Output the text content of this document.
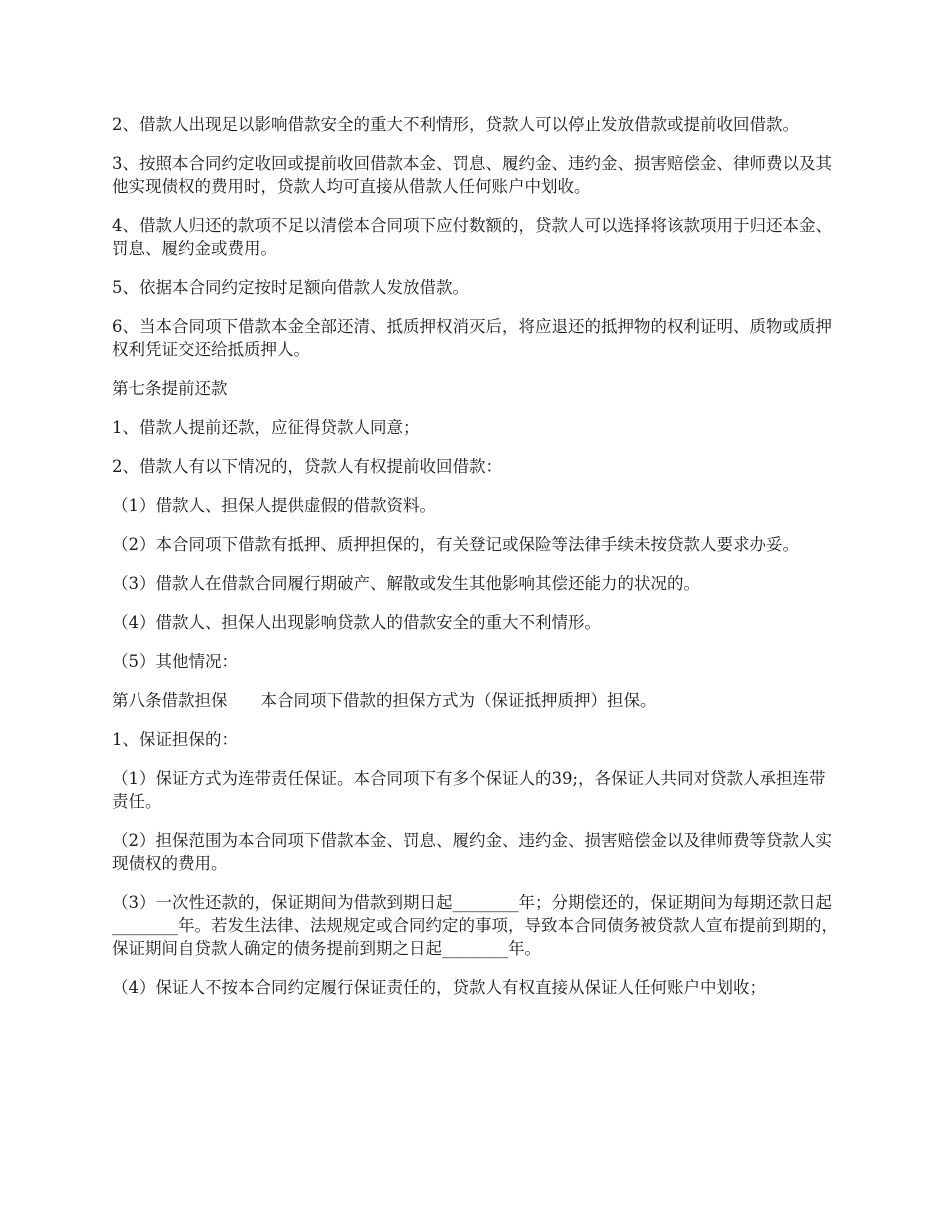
2、借款人出现足以影响借款安全的重大不利情形，贷款人可以停止发放借款或提前收回借款。

3、按照本合同约定收回或提前收回借款本金、罚息、履约金、违约金、损害赔偿金、律师费以及其他实现债权的费用时，贷款人均可直接从借款人任何账户中划收。

4、借款人归还的款项不足以清偿本合同项下应付数额的，贷款人可以选择将该款项用于归还本金、罚息、履约金或费用。

5、依据本合同约定按时足额向借款人发放借款。

6、当本合同项下借款本金全部还清、抵质押权消灭后，将应退还的抵押物的权利证明、质物或质押权利凭证交还给抵质押人。

第七条提前还款

1、借款人提前还款，应征得贷款人同意；

2、借款人有以下情况的，贷款人有权提前收回借款：

（1）借款人、担保人提供虚假的借款资料。

（2）本合同项下借款有抵押、质押担保的，有关登记或保险等法律手续未按贷款人要求办妥。

（3）借款人在借款合同履行期破产、解散或发生其他影响其偿还能力的状况的。

（4）借款人、担保人出现影响贷款人的借款安全的重大不利情形。

（5）其他情况：

第八条借款担保　　本合同项下借款的担保方式为（保证抵押质押）担保。

1、保证担保的：

（1）保证方式为连带责任保证。本合同项下有多个保证人的39;，各保证人共同对贷款人承担连带责任。

（2）担保范围为本合同项下借款本金、罚息、履约金、违约金、损害赔偿金以及律师费等贷款人实现债权的费用。

（3）一次性还款的，保证期间为借款到期日起________年；分期偿还的，保证期间为每期还款日起________年。若发生法律、法规规定或合同约定的事项，导致本合同债务被贷款人宣布提前到期的，保证期间自贷款人确定的债务提前到期之日起________年。

（4）保证人不按本合同约定履行保证责任的，贷款人有权直接从保证人任何账户中划收；
